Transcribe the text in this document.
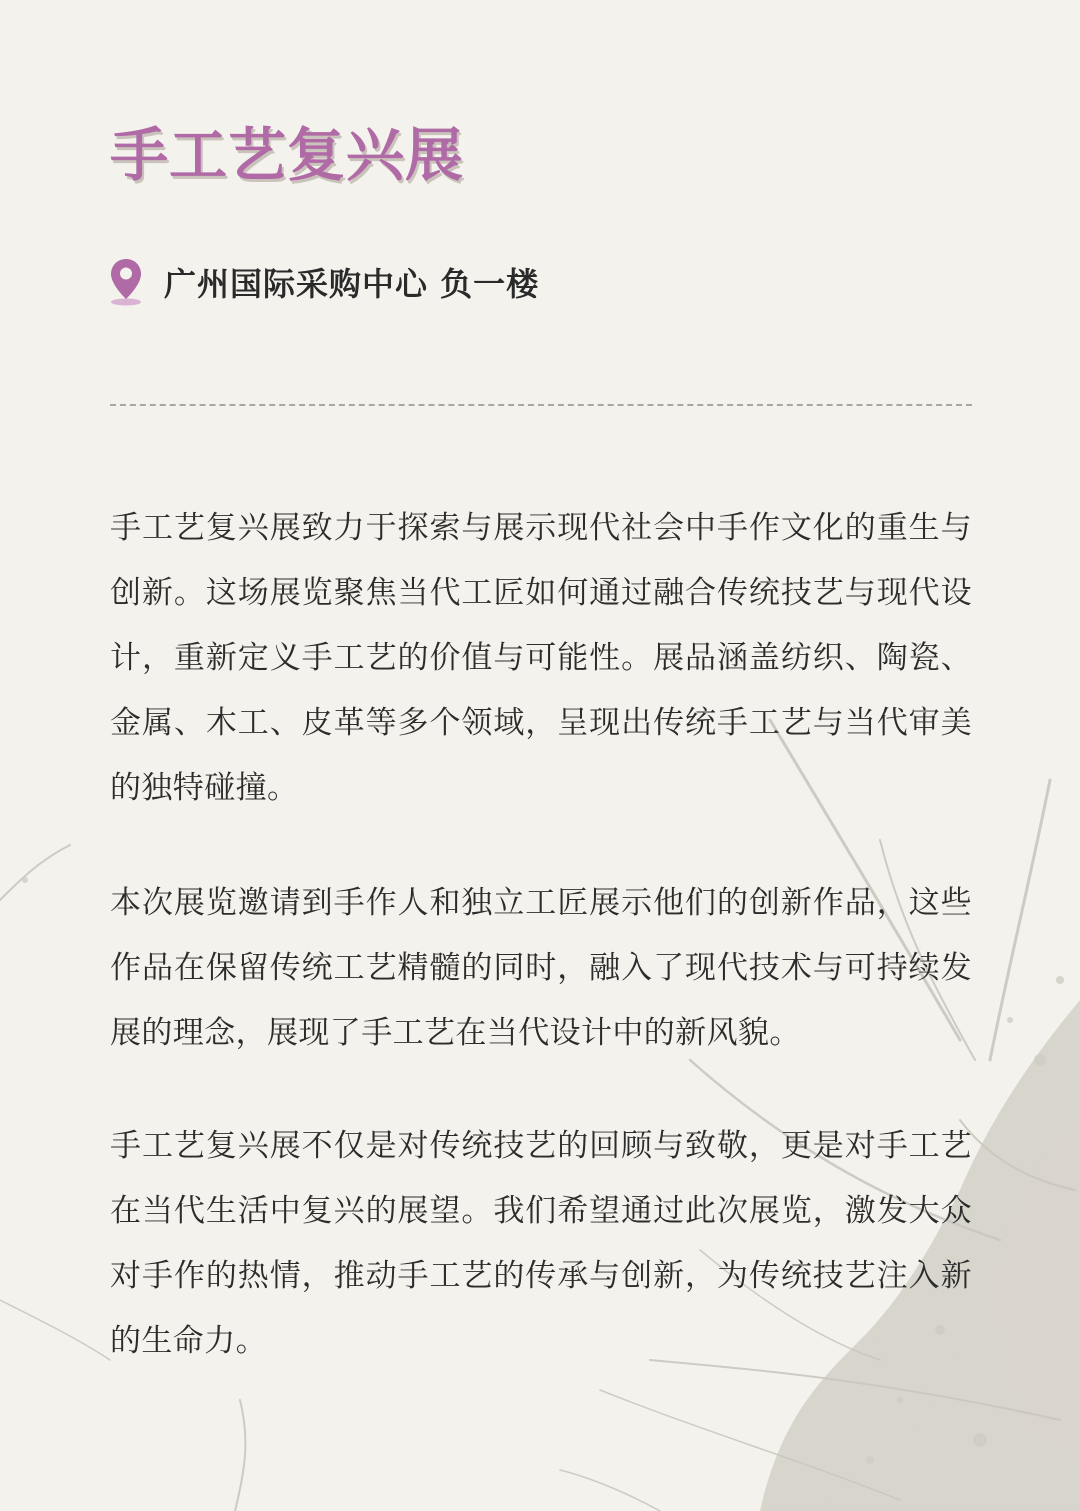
手工艺复兴展
广州国际采购中心 负一楼

手工艺复兴展致力于探索与展示现代社会中手作文化的重生与创新。这场展览聚焦当代工匠如何通过融合传统技艺与现代设计，重新定义手工艺的价值与可能性。展品涵盖纺织、陶瓷、金属、木工、皮革等多个领域，呈现出传统手工艺与当代审美的独特碰撞。

本次展览邀请到手作人和独立工匠展示他们的创新作品，这些作品在保留传统工艺精髓的同时，融入了现代技术与可持续发展的理念，展现了手工艺在当代设计中的新风貌。

手工艺复兴展不仅是对传统技艺的回顾与致敬，更是对手工艺在当代生活中复兴的展望。我们希望通过此次展览，激发大众对手作的热情，推动手工艺的传承与创新，为传统技艺注入新的生命力。
